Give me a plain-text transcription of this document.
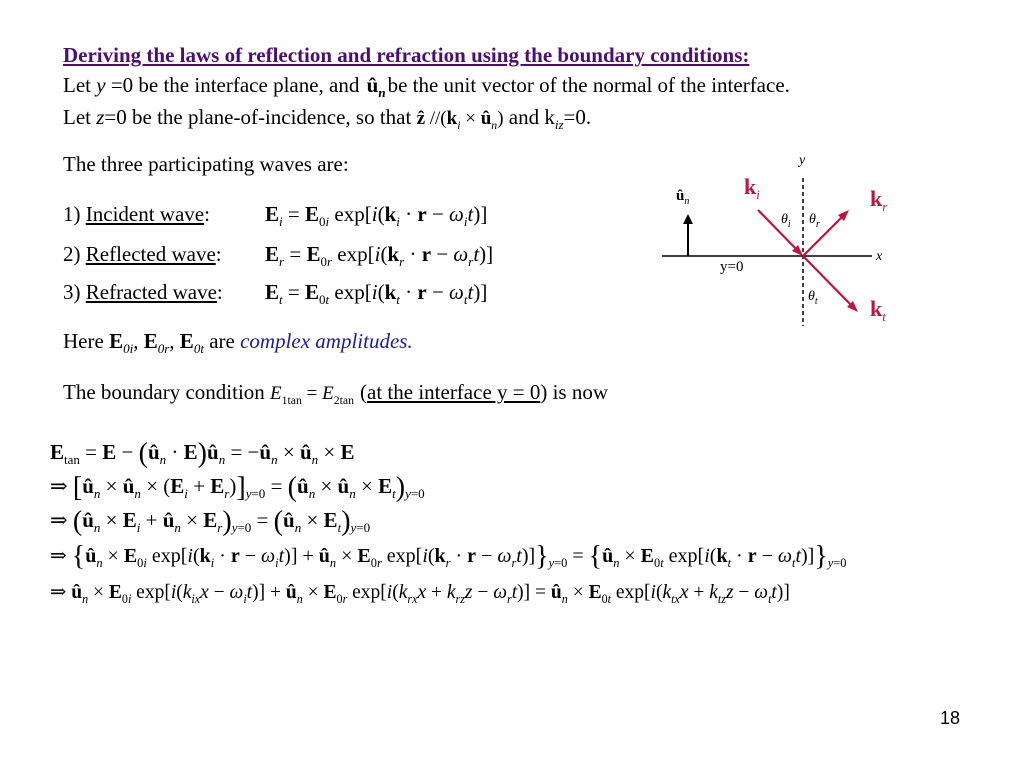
Deriving the laws of reflection and refraction using the boundary conditions:
Let y =0 be the interface plane, and $û_nbe$ the unit vector of the normal of the interface.
Let z=0 be the plane-of-incidence, so that ẑ $//(k_i$ × $û_n$) and $k_{iz}=0$.
The three participating waves are:
1) Incident wave:	$E_i = E_{0i}$ $\exp[i(k_i \cdot r - \omega_it)]$
2) Reflected wave: $E_r = E_{0r}$ $\exp[i(k_r \cdot r - \omega_rt)]$
3) Refracted wave: $E_t = E_{0t}$ $\exp[i(k_t \cdot r - \omega_tt)]$
Here $E_{0i}$, $E_{0r}$, $E_{0t}$ are complex amplitudes.
The boundary condition $E_{1tan} = E_{2tan}$ (at the interface y = 0) is now
$E_{tan} = E$ − ($û_n$ · $E)û_n$ = $-û_n$ × $û_n \times E$
⇒ [$û_n$ × $û_n \times (E_i + E_r)]_{y=0}$ = ($û_n$ × $û_n \times E_t)_{y=0}$
⇒ ($û_n \times E_i$ + $û_n \times E_r)_{y=0}$ = $(û_n \times E_t)_{y=0}$
⇒ {$û_n \times E_{0i}$ $\exp[i(k_i \cdot r - \omega_it)]$ + $û_n \times E_{0r}$ $\exp[i(k_r \cdot r - \omega_rt)]\}_{y=0}$ = {$û_n \times E_{0t}$ $\exp[i(k_t \cdot r - \omega_tt)]\}_{y=0}$
⇒ $û_n \times E_{0i}$ $\exp[i(k_{ix}x - \omega_it)]$ + $û_n \times E_{0r}$ $\exp[i(k_{rx}x + k_{rz}z - \omega_rt)]$ = $û_n \times E_{0t}$ $\exp[i(k_{tx}x + k_{tz}z - \omega_tt)]$
y
x
y=0
$û_n$
$k_i$	$k_r$
$k_t$
$\theta_i$ $\theta_r$
$\theta_t$
18
